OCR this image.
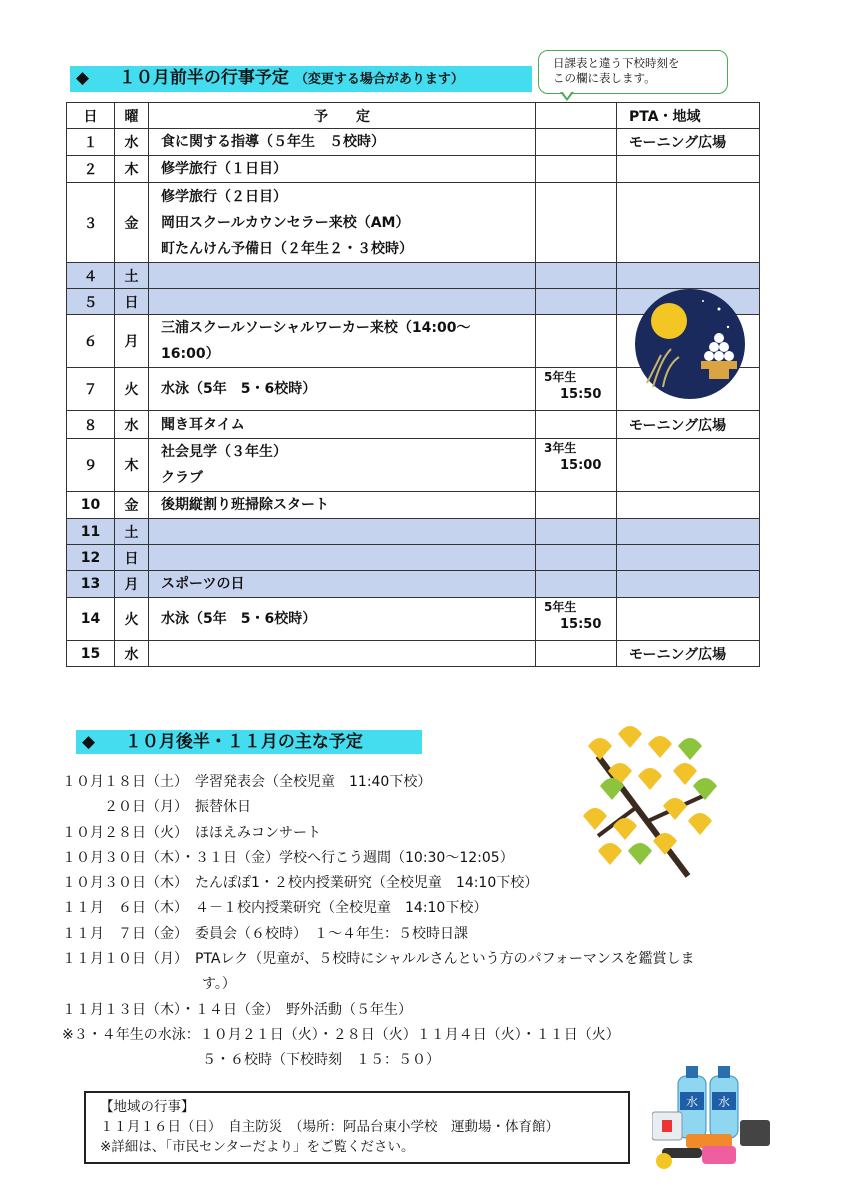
◆ １０月前半の行事予定 （変更する場合があります）
日課表と違う下校時刻を
この欄に表します。
日	曜	予　　定		PTA・地域
１	水	食に関する指導（５年生　５校時）		モーニング広場
２	木	修学旅行（１日目）		

３	金	修学旅行（２日目）
岡田スクールカウンセラー来校（AM）
町たんけん予備日（２年生２・３校時）		

４	土			
５	日			
６	月	三浦スクールソーシャルワーカー来校（14:00～
16:00）		

７	火	水泳（5年　5・6校時）	5年生
15:50	

８	水	聞き耳タイム		モーニング広場
９	木	社会見学（３年生）
クラブ	3年生
15:00	

10	金	後期縦割り班掃除スタート		

11	土			
12	日			
13	月	スポーツの日		

14	火	水泳（5年　5・6校時）	5年生
15:50	

15	水			モーニング広場
◆ １０月後半・１１月の主な予定
１０月１８日（土）　学習発表会（全校児童　11:40下校）
　　　２０日（月）　振替休日
１０月２８日（火）　ほほえみコンサート
１０月３０日（木）・３１日（金）学校へ行こう週間（10:30～12:05）
１０月３０日（木）　たんぽぽ1・２校内授業研究（全校児童　14:10下校）
１１月　６日（木）　４－１校内授業研究（全校児童　14:10下校）
１１月　７日（金）　委員会（６校時）　１～４年生：５校時日課
１１月１０日（月）　PTAレク（児童が、５校時にシャルルさんという方のパフォーマンスを鑑賞しま
　　　　　　　　　　す。）
１１月１３日（木）・１４日（金）　野外活動（５年生）
※３・４年生の水泳：１０月２１日（火）・２８日（火）１１月４日（火）・１１日（火）
　　　　　　　　　　５・６校時（下校時刻　１５：５０）
【地域の行事】
１１月１６日（日）　自主防災　（場所：阿品台東小学校　運動場・体育館）
※詳細は、「市民センターだより」をご覧ください。
水 水
